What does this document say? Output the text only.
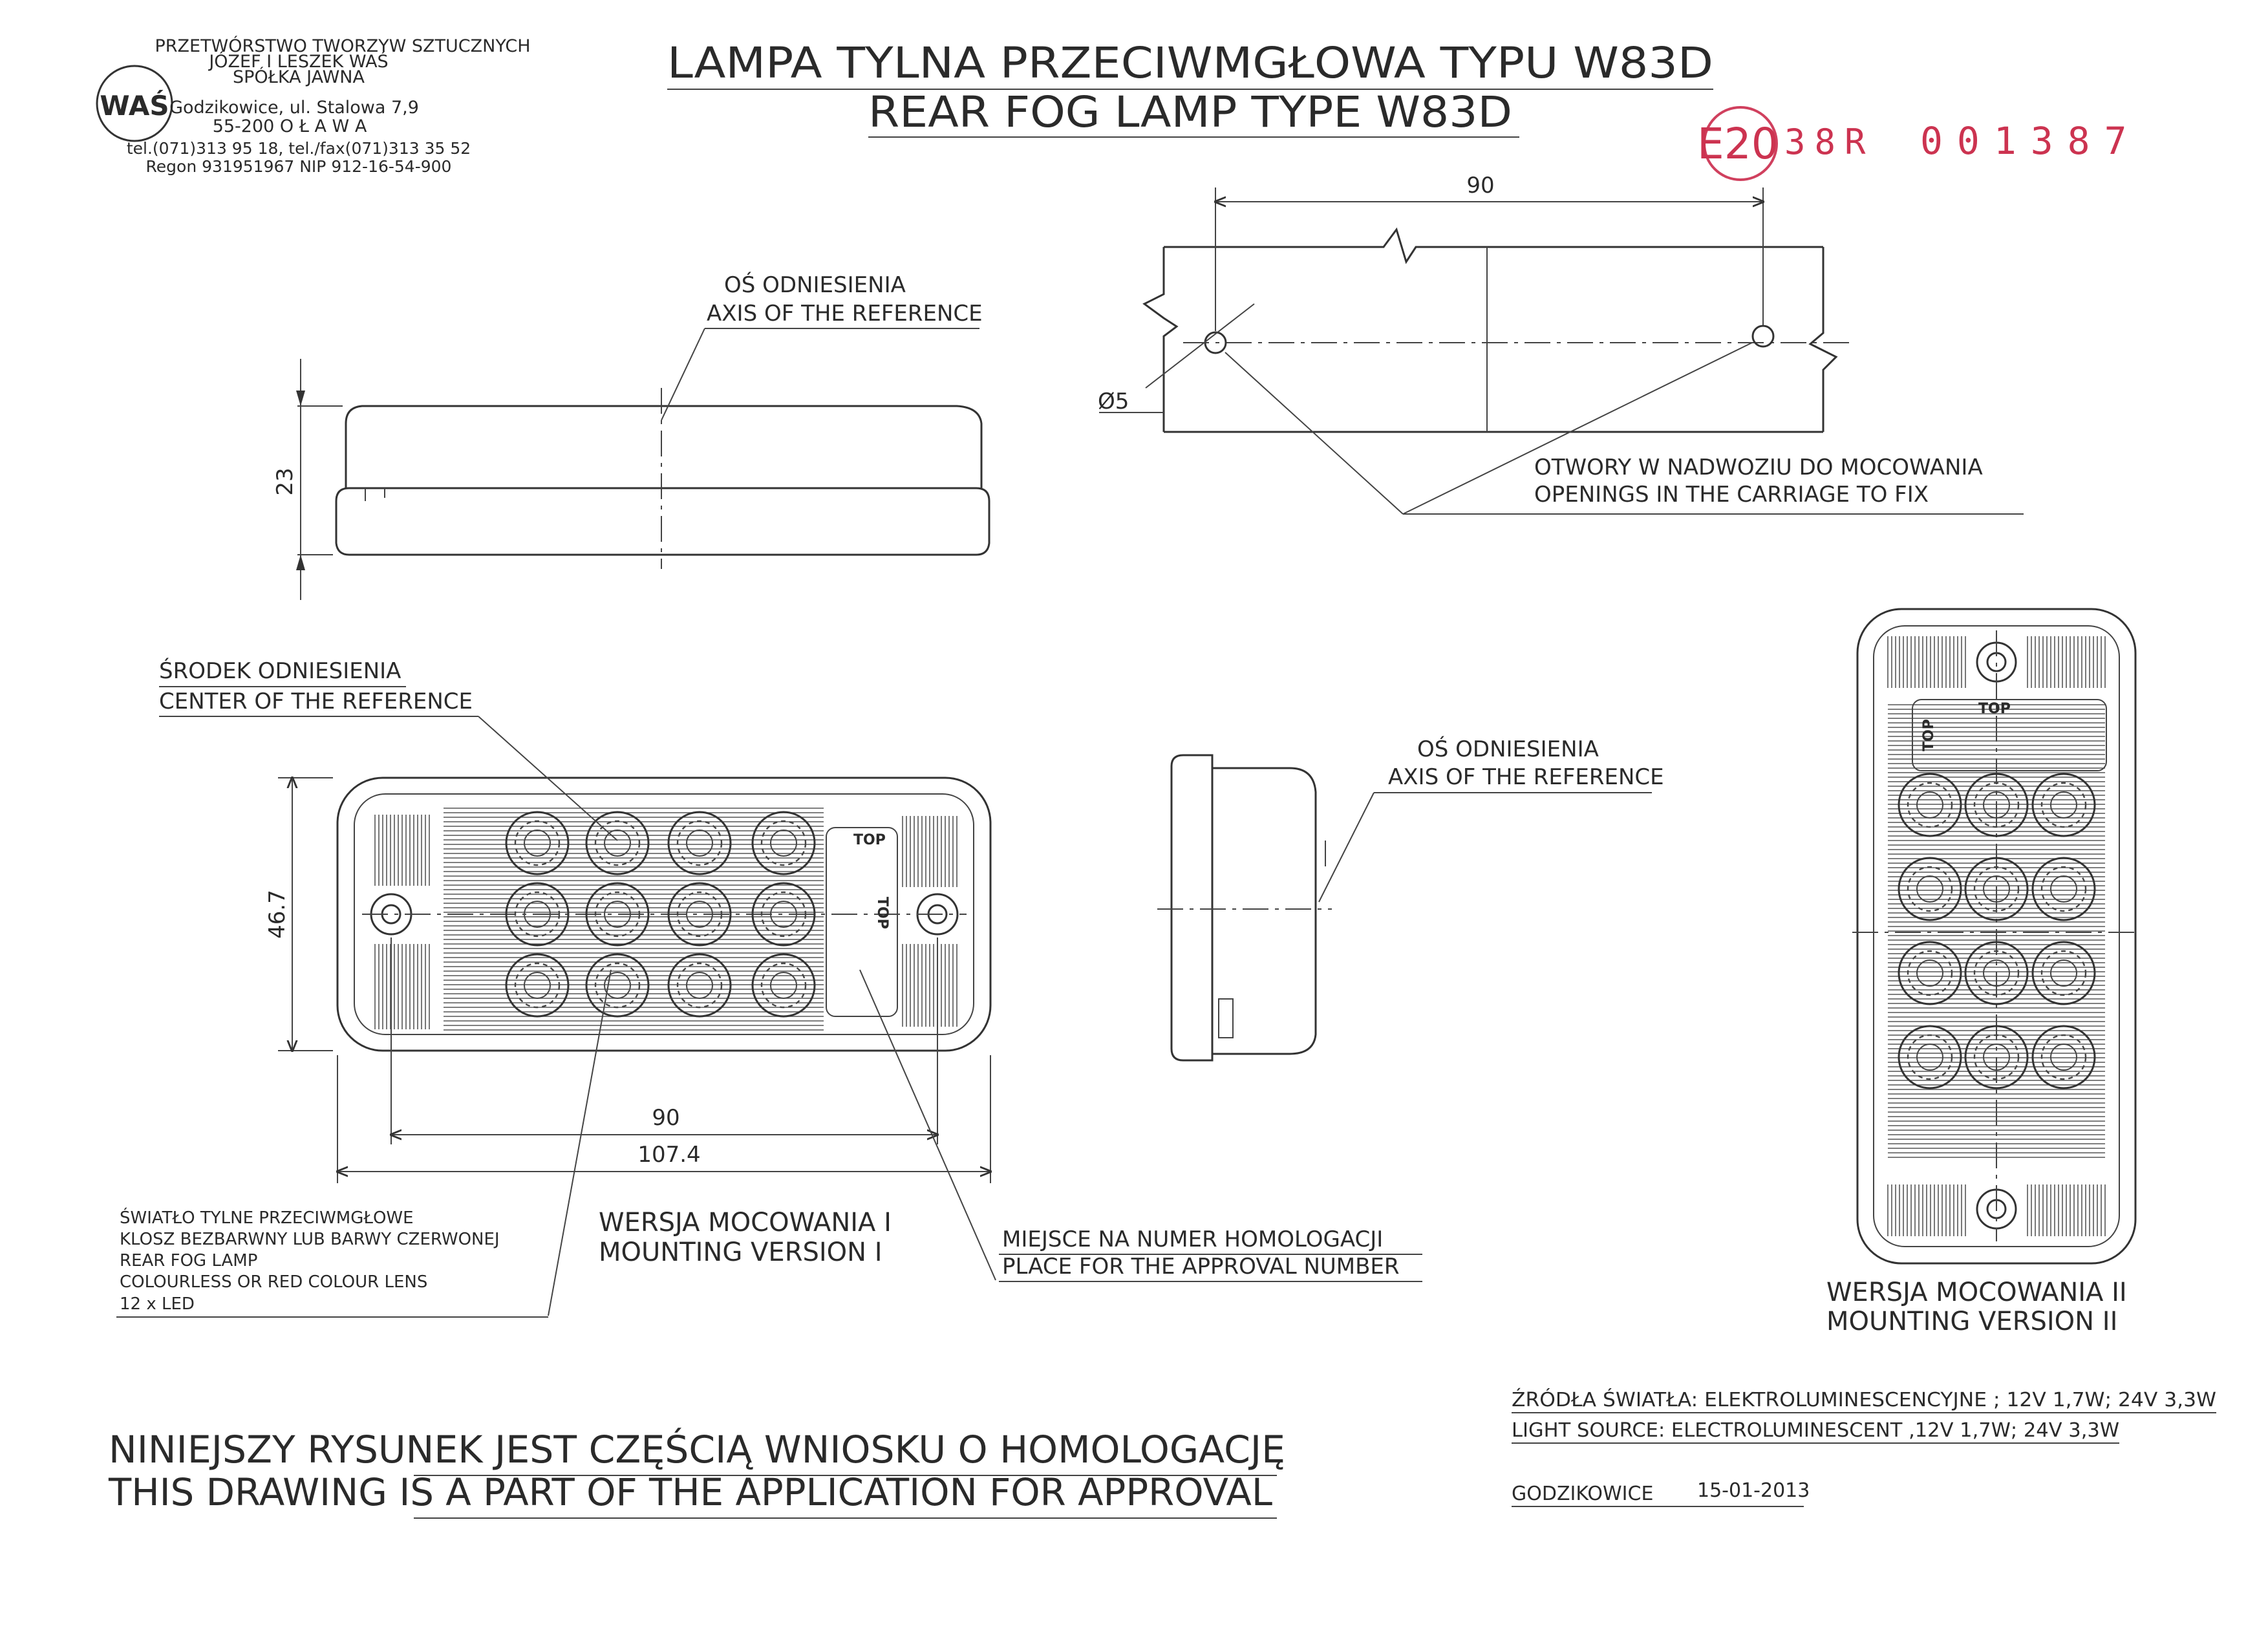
WAŚ
PRZETWÓRSTWO TWORZYW SZTUCZNYCH
JÓZEF I LESZEK WAŚ
SPÓŁKA JAWNA
Godzikowice, ul. Stalowa 7,9
55-200 O Ł A W A
tel.(071)313 95 18, tel./fax(071)313 35 52
Regon 931951967 NIP 912-16-54-900
LAMPA TYLNA PRZECIWMGŁOWA TYPU W83D
REAR FOG LAMP TYPE W83D
E20 38R 001387
23
OŚ ODNIESIENIA
AXIS OF THE REFERENCE
90
Ø5
OTWORY W NADWOZIU DO MOCOWANIA
OPENINGS IN THE CARRIAGE TO FIX
TOP
TOP
46.7
90
107.4
ŚRODEK ODNIESIENIA
CENTER OF THE REFERENCE
ŚWIATŁO TYLNE PRZECIWMGŁOWE
KLOSZ BEZBARWNY LUB BARWY CZERWONEJ
REAR FOG LAMP
COLOURLESS OR RED COLOUR LENS
12 x LED
WERSJA MOCOWANIA I
MOUNTING VERSION I	MIEJSCE NA NUMER HOMOLOGACJI
PLACE FOR THE APPROVAL NUMBER
OŚ ODNIESIENIA
AXIS OF THE REFERENCE
TOP
TOP
WERSJA MOCOWANIA II
MOUNTING VERSION II
NINIEJSZY RYSUNEK JEST CZĘŚCIĄ WNIOSKU O HOMOLOGACJĘ
THIS DRAWING IS A PART OF THE APPLICATION FOR APPROVAL
ŹRÓDŁA ŚWIATŁA: ELEKTROLUMINESCENCYJNE ; 12V 1,7W; 24V 3,3W
LIGHT SOURCE: ELECTROLUMINESCENT ,12V 1,7W; 24V 3,3W
GODZIKOWICE 15-01-2013
